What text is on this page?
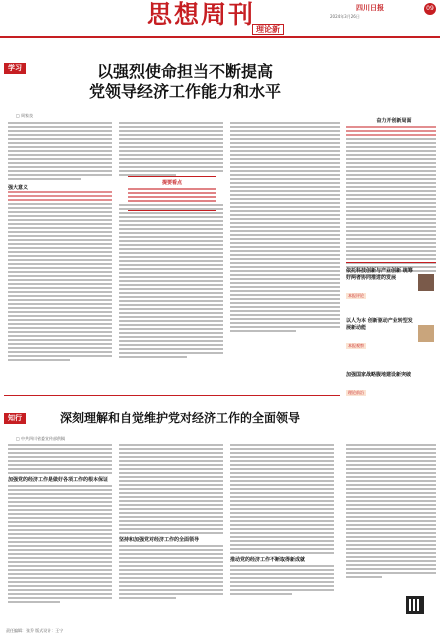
思想周刊
理论新
四川日报
2024年3月26日
09
学习	以强烈使命担当不断提高
党领导经济工作能力和水平
□ 周家良
强大意义
提要看点
奋力开创新局面
依托科技创新与产业创新 统筹好两者协同推进的发展
本报评论
以人为本 创新驱动产业转型发展新动能
本报观察
加强国家战略腹地建设新突破
理论前沿
知行	深刻理解和自觉维护党对经济工作的全面领导
□ 中共四川省委宣传部供稿
加强党的经济工作是做好各项工作的根本保证
坚持和加强党对经济工作的全面领导
推动党的经济工作不断取得新成就
责任编辑：张乔 版式设计：王宁
